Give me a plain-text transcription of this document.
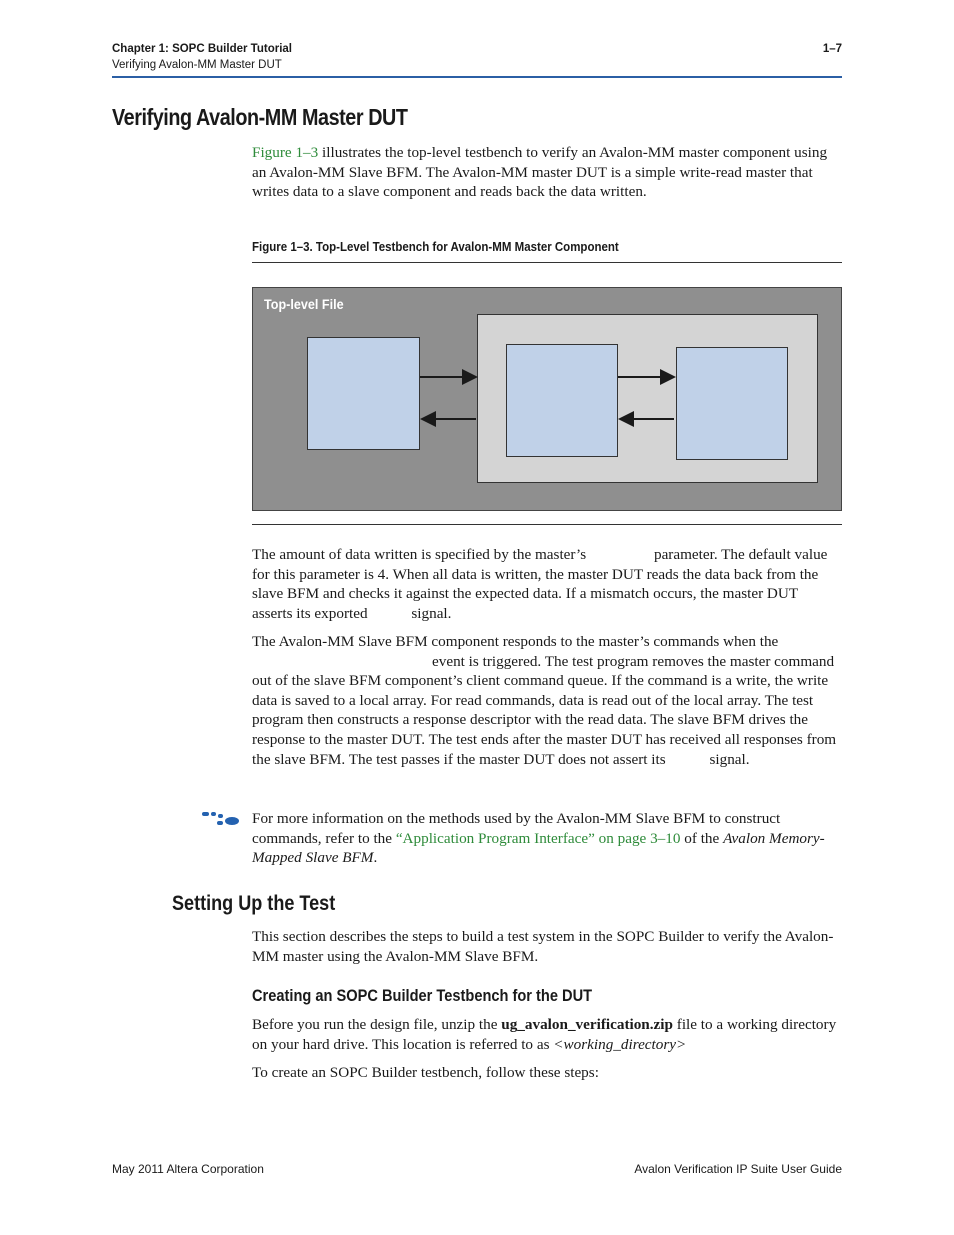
Chapter 1: SOPC Builder Tutorial
Verifying Avalon-MM Master DUT
1–7
Verifying Avalon-MM Master DUT
Figure 1–3 illustrates the top-level testbench to verify an Avalon-MM master component using an Avalon-MM Slave BFM. The Avalon-MM master DUT is a simple write-read master that writes data to a slave component and reads back the data written.
Figure 1–3. Top-Level Testbench for Avalon-MM Master Component
Top-level File
The amount of data written is specified by the master’s	parameter. The default value for this parameter is 4. When all data is written, the master DUT reads the data back from the slave BFM and checks it against the expected data. If a mismatch occurs, the master DUT asserts its exported	signal.
The Avalon-MM Slave BFM component responds to the master’s commands when the event is triggered. The test program removes the master command out of the slave BFM component’s client command queue. If the command is a write, the write data is saved to a local array. For read commands, data is read out of the local array. The test program then constructs a response descriptor with the read data. The slave BFM drives the response to the master DUT. The test ends after the master DUT has received all responses from the slave BFM. The test passes if the master DUT does not assert its	signal.
For more information on the methods used by the Avalon-MM Slave BFM to construct commands, refer to the “Application Program Interface” on page 3–10 of the Avalon Memory-Mapped Slave BFM.
Setting Up the Test
This section describes the steps to build a test system in the SOPC Builder to verify the Avalon-MM master using the Avalon-MM Slave BFM.
Creating an SOPC Builder Testbench for the DUT
Before you run the design file, unzip the ug_avalon_verification.zip file to a working directory on your hard drive. This location is referred to as <working_directory>
To create an SOPC Builder testbench, follow these steps:
May 2011 Altera Corporation	Avalon Verification IP Suite User Guide
